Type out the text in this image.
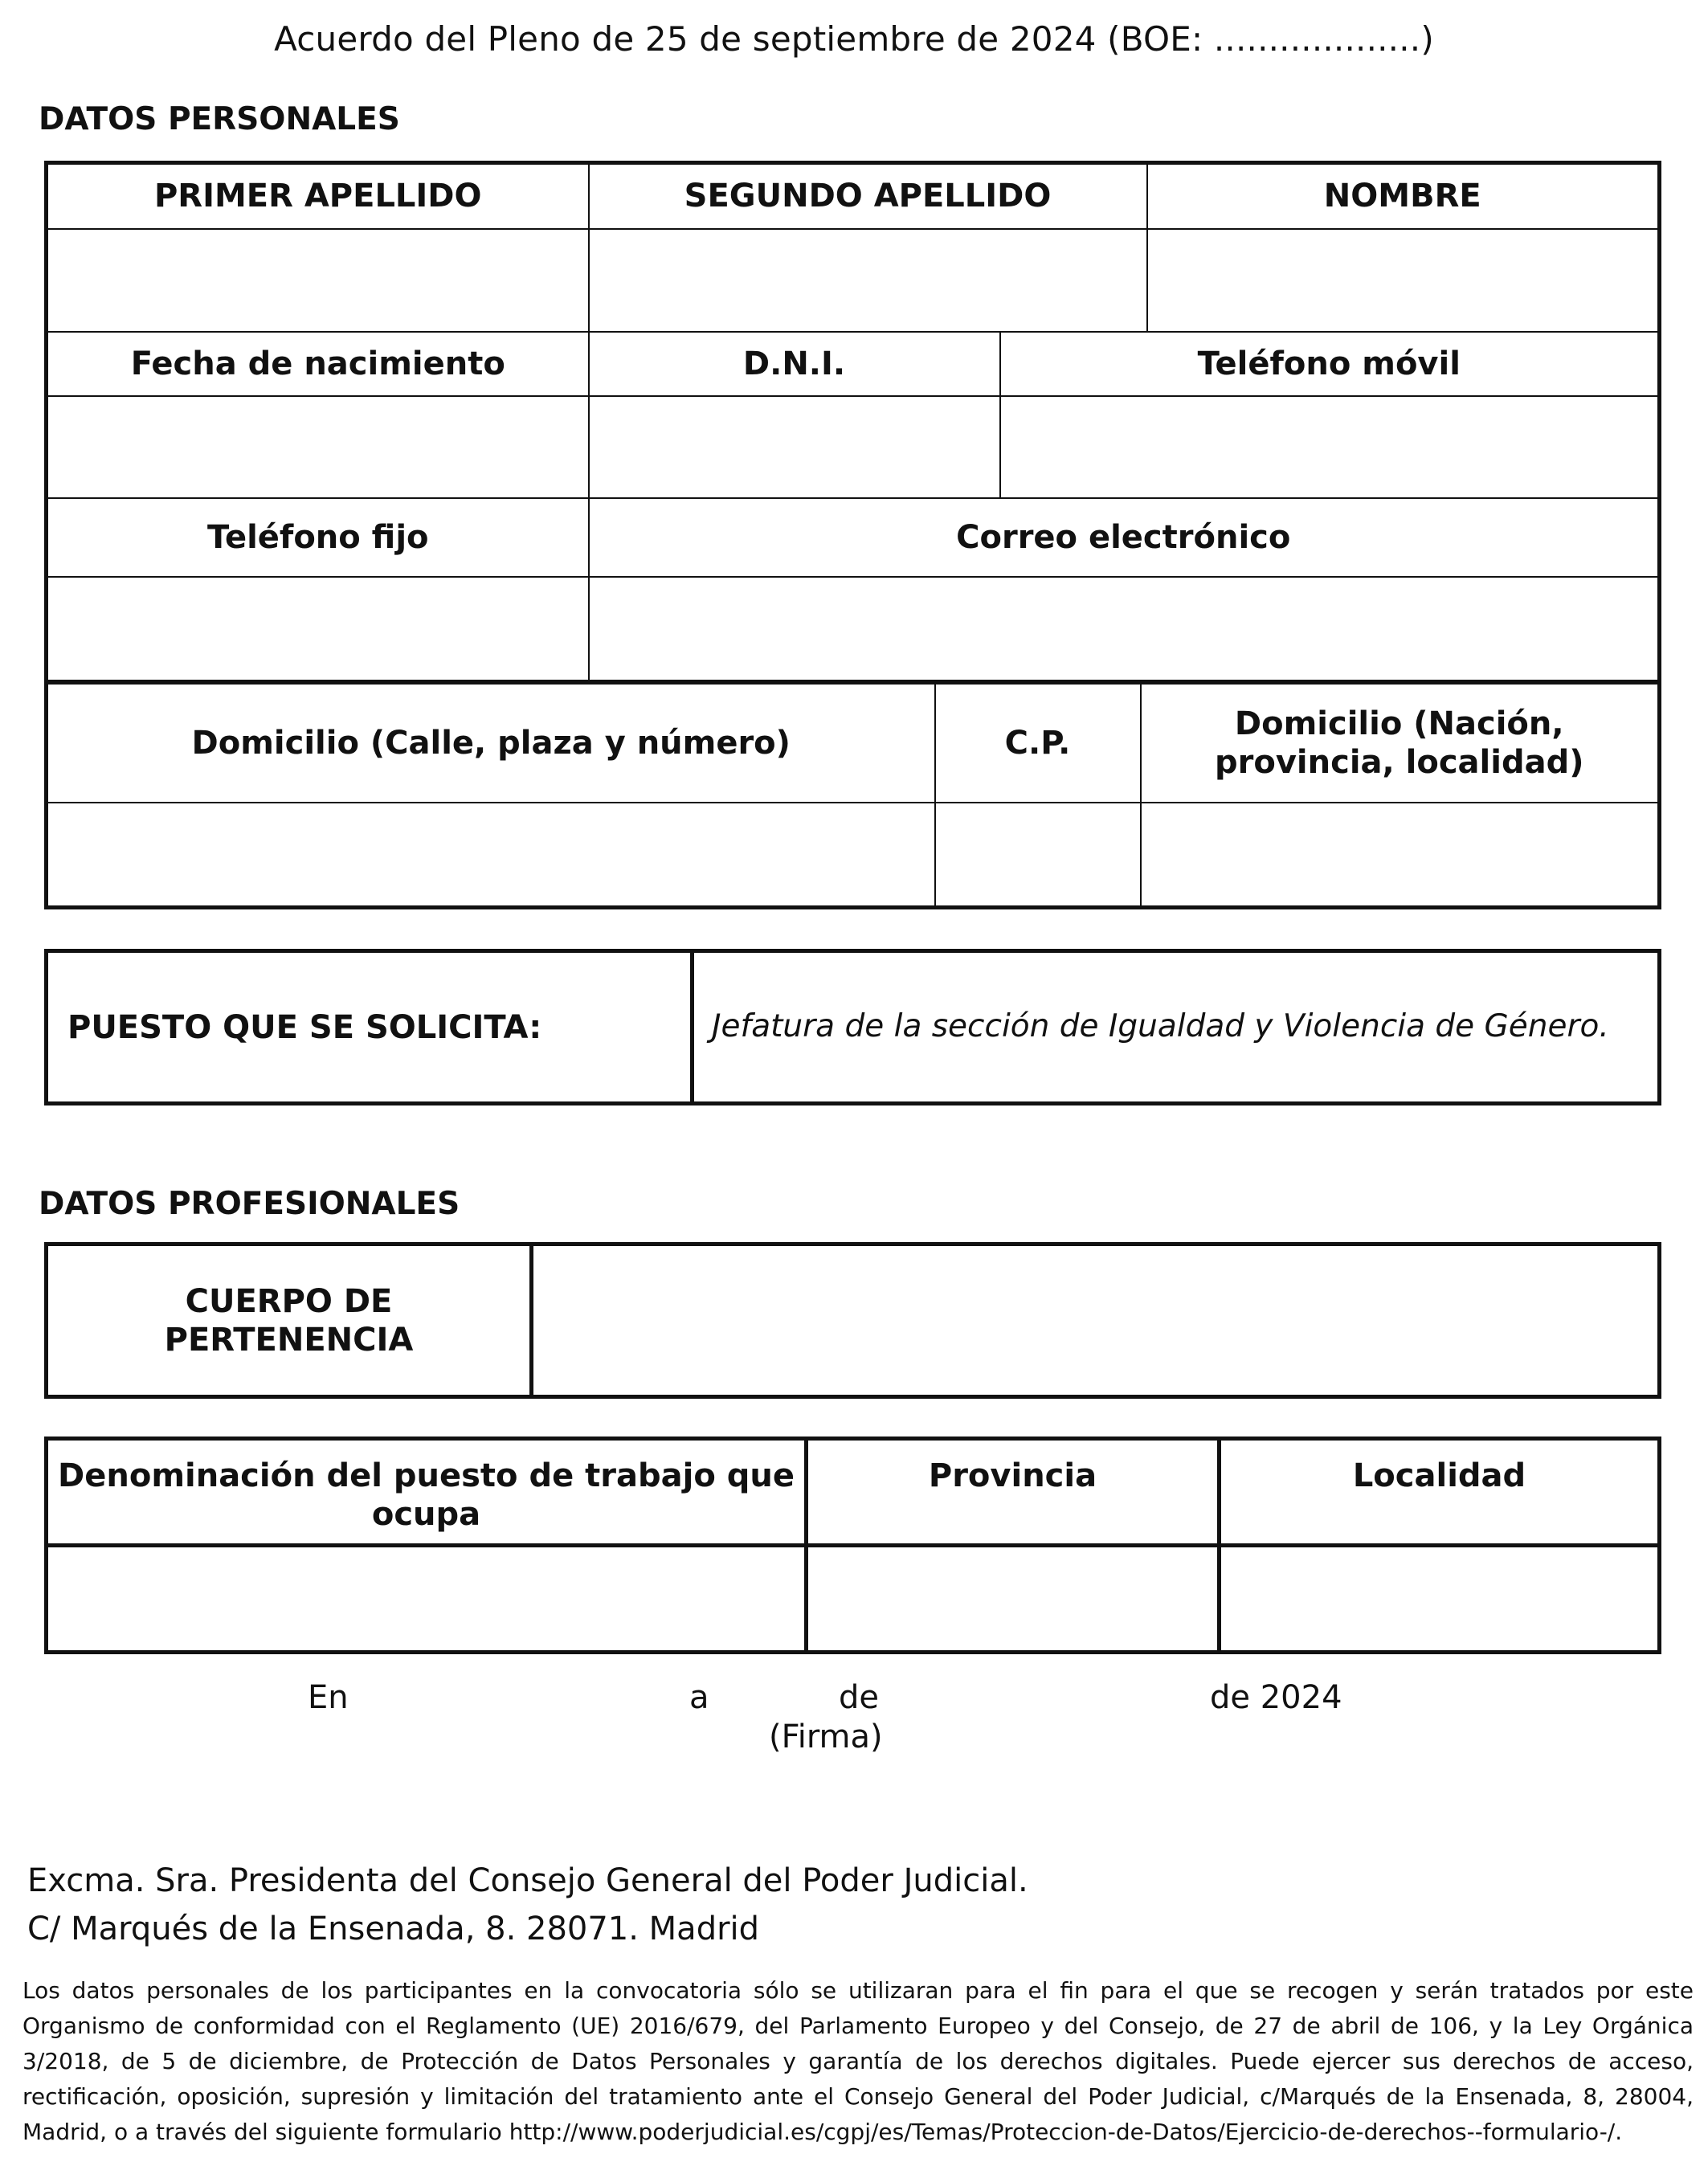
Acuerdo del Pleno de 25 de septiembre de 2024 (BOE: ...................)
DATOS PERSONALES
PRIMER APELLIDO	SEGUNDO APELLIDO		NOMBRE

Fecha de nacimiento	D.N.I.	Teléfono móvil	

Teléfono fijo	Correo electrónico		

Domicilio (Calle, plaza y número)	C.P.	Domicilio (Nación,
provincia, localidad)

PUESTO QUE SE SOLICITA:	Jefatura de la sección de Igualdad y Violencia de Género.
DATOS PROFESIONALES
CUERPO DE
PERTENENCIA

Denominación del puesto de trabajo que
ocupa	Provincia	Localidad

En	a	de	de 2024
(Firma)
Excma. Sra. Presidenta del Consejo General del Poder Judicial.
C/ Marqués de la Ensenada, 8. 28071. Madrid
Los datos personales de los participantes en la convocatoria sólo se utilizaran para el fin para el que se recogen y serán tratados por este Organismo de conformidad con el Reglamento (UE) 2016/679, del Parlamento Europeo y del Consejo, de 27 de abril de 106, y la Ley Orgánica 3/2018, de 5 de diciembre, de Protección de Datos Personales y garantía de los derechos digitales. Puede ejercer sus derechos de acceso, rectificación, oposición, supresión y limitación del tratamiento ante el Consejo General del Poder Judicial, c/Marqués de la Ensenada, 8, 28004, Madrid, o a través del siguiente formulario http://www.poderjudicial.es/cgpj/es/Temas/Proteccion-de-Datos/Ejercicio-de-derechos--formulario-/.
